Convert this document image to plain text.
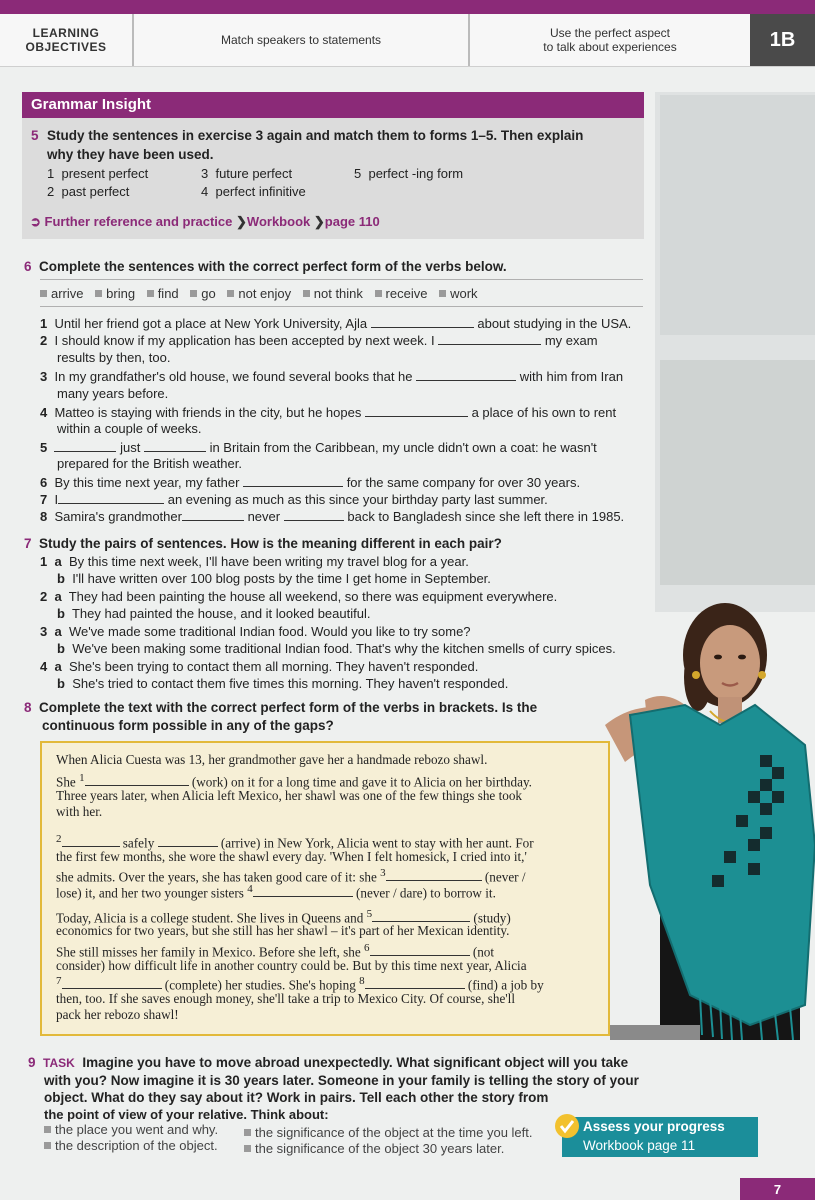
LEARNING
OBJECTIVES	Match speakers to statements	Use the perfect aspect
to talk about experiences	1B
Grammar Insight
5 Study the sentences in exercise 3 again and match them to forms 1–5. Then explain
why they have been used.
1 present perfect
2 past perfect
3 future perfect
4 perfect infinitive
5 perfect -ing form
➲ Further reference and practice ❯Workbook ❯page 110
6 Complete the sentences with the correct perfect form of the verbs below.
arrive bring find go not enjoy not think receive work
1 Until her friend got a place at New York University, Ajla	about studying in the USA.
2 I should know if my application has been accepted by next week. I	my exam
results by then, too.
3 In my grandfather's old house, we found several books that he	with him from Iran
many years before.
4 Matteo is staying with friends in the city, but he hopes	a place of his own to rent
within a couple of weeks.
5	just	in Britain from the Caribbean, my uncle didn't own a coat: he wasn't
prepared for the British weather.
6 By this time next year, my father	for the same company for over 30 years.
7 I	an evening as much as this since your birthday party last summer.
8 Samira's grandmother	never	back to Bangladesh since she left there in 1985.
7 Study the pairs of sentences. How is the meaning different in each pair?
1 a By this time next week, I'll have been writing my travel blog for a year.
b I'll have written over 100 blog posts by the time I get home in September.
2 a They had been painting the house all weekend, so there was equipment everywhere.
b They had painted the house, and it looked beautiful.
3 a We've made some traditional Indian food. Would you like to try some?
b We've been making some traditional Indian food. That's why the kitchen smells of curry spices.
4 a She's been trying to contact them all morning. They haven't responded.
b She's tried to contact them five times this morning. They haven't responded.
8 Complete the text with the correct perfect form of the verbs in brackets. Is the
continuous form possible in any of the gaps?
When Alicia Cuesta was 13, her grandmother gave her a handmade rebozo shawl.
She $^1$	(work) on it for a long time and gave it to Alicia on her birthday.
Three years later, when Alicia left Mexico, her shawl was one of the few things she took
with her.
$^2$	safely	(arrive) in New York, Alicia went to stay with her aunt. For
the first few months, she wore the shawl every day. 'When I felt homesick, I cried into it,'
she admits. Over the years, she has taken good care of it: she $^3$	(never /
lose) it, and her two younger sisters $^4$	(never / dare) to borrow it.
Today, Alicia is a college student. She lives in Queens and $^5$	(study)
economics for two years, but she still has her shawl – it's part of her Mexican identity.
She still misses her family in Mexico. Before she left, she $^6$	(not
consider) how difficult life in another country could be. But by this time next year, Alicia
$^7$	(complete) her studies. She's hoping $^8$	(find) a job by
then, too. If she saves enough money, she'll take a trip to Mexico City. Of course, she'll
pack her rebozo shawl!
9 TASK Imagine you have to move abroad unexpectedly. What significant object will you take
with you? Now imagine it is 30 years later. Someone in your family is telling the story of your
object. What do they say about it? Work in pairs. Tell each other the story from
the point of view of your relative. Think about:
the place you went and why.
the description of the object.
the significance of the object at the time you left.
the significance of the object 30 years later.
Assess your progress
Workbook page 11
7
